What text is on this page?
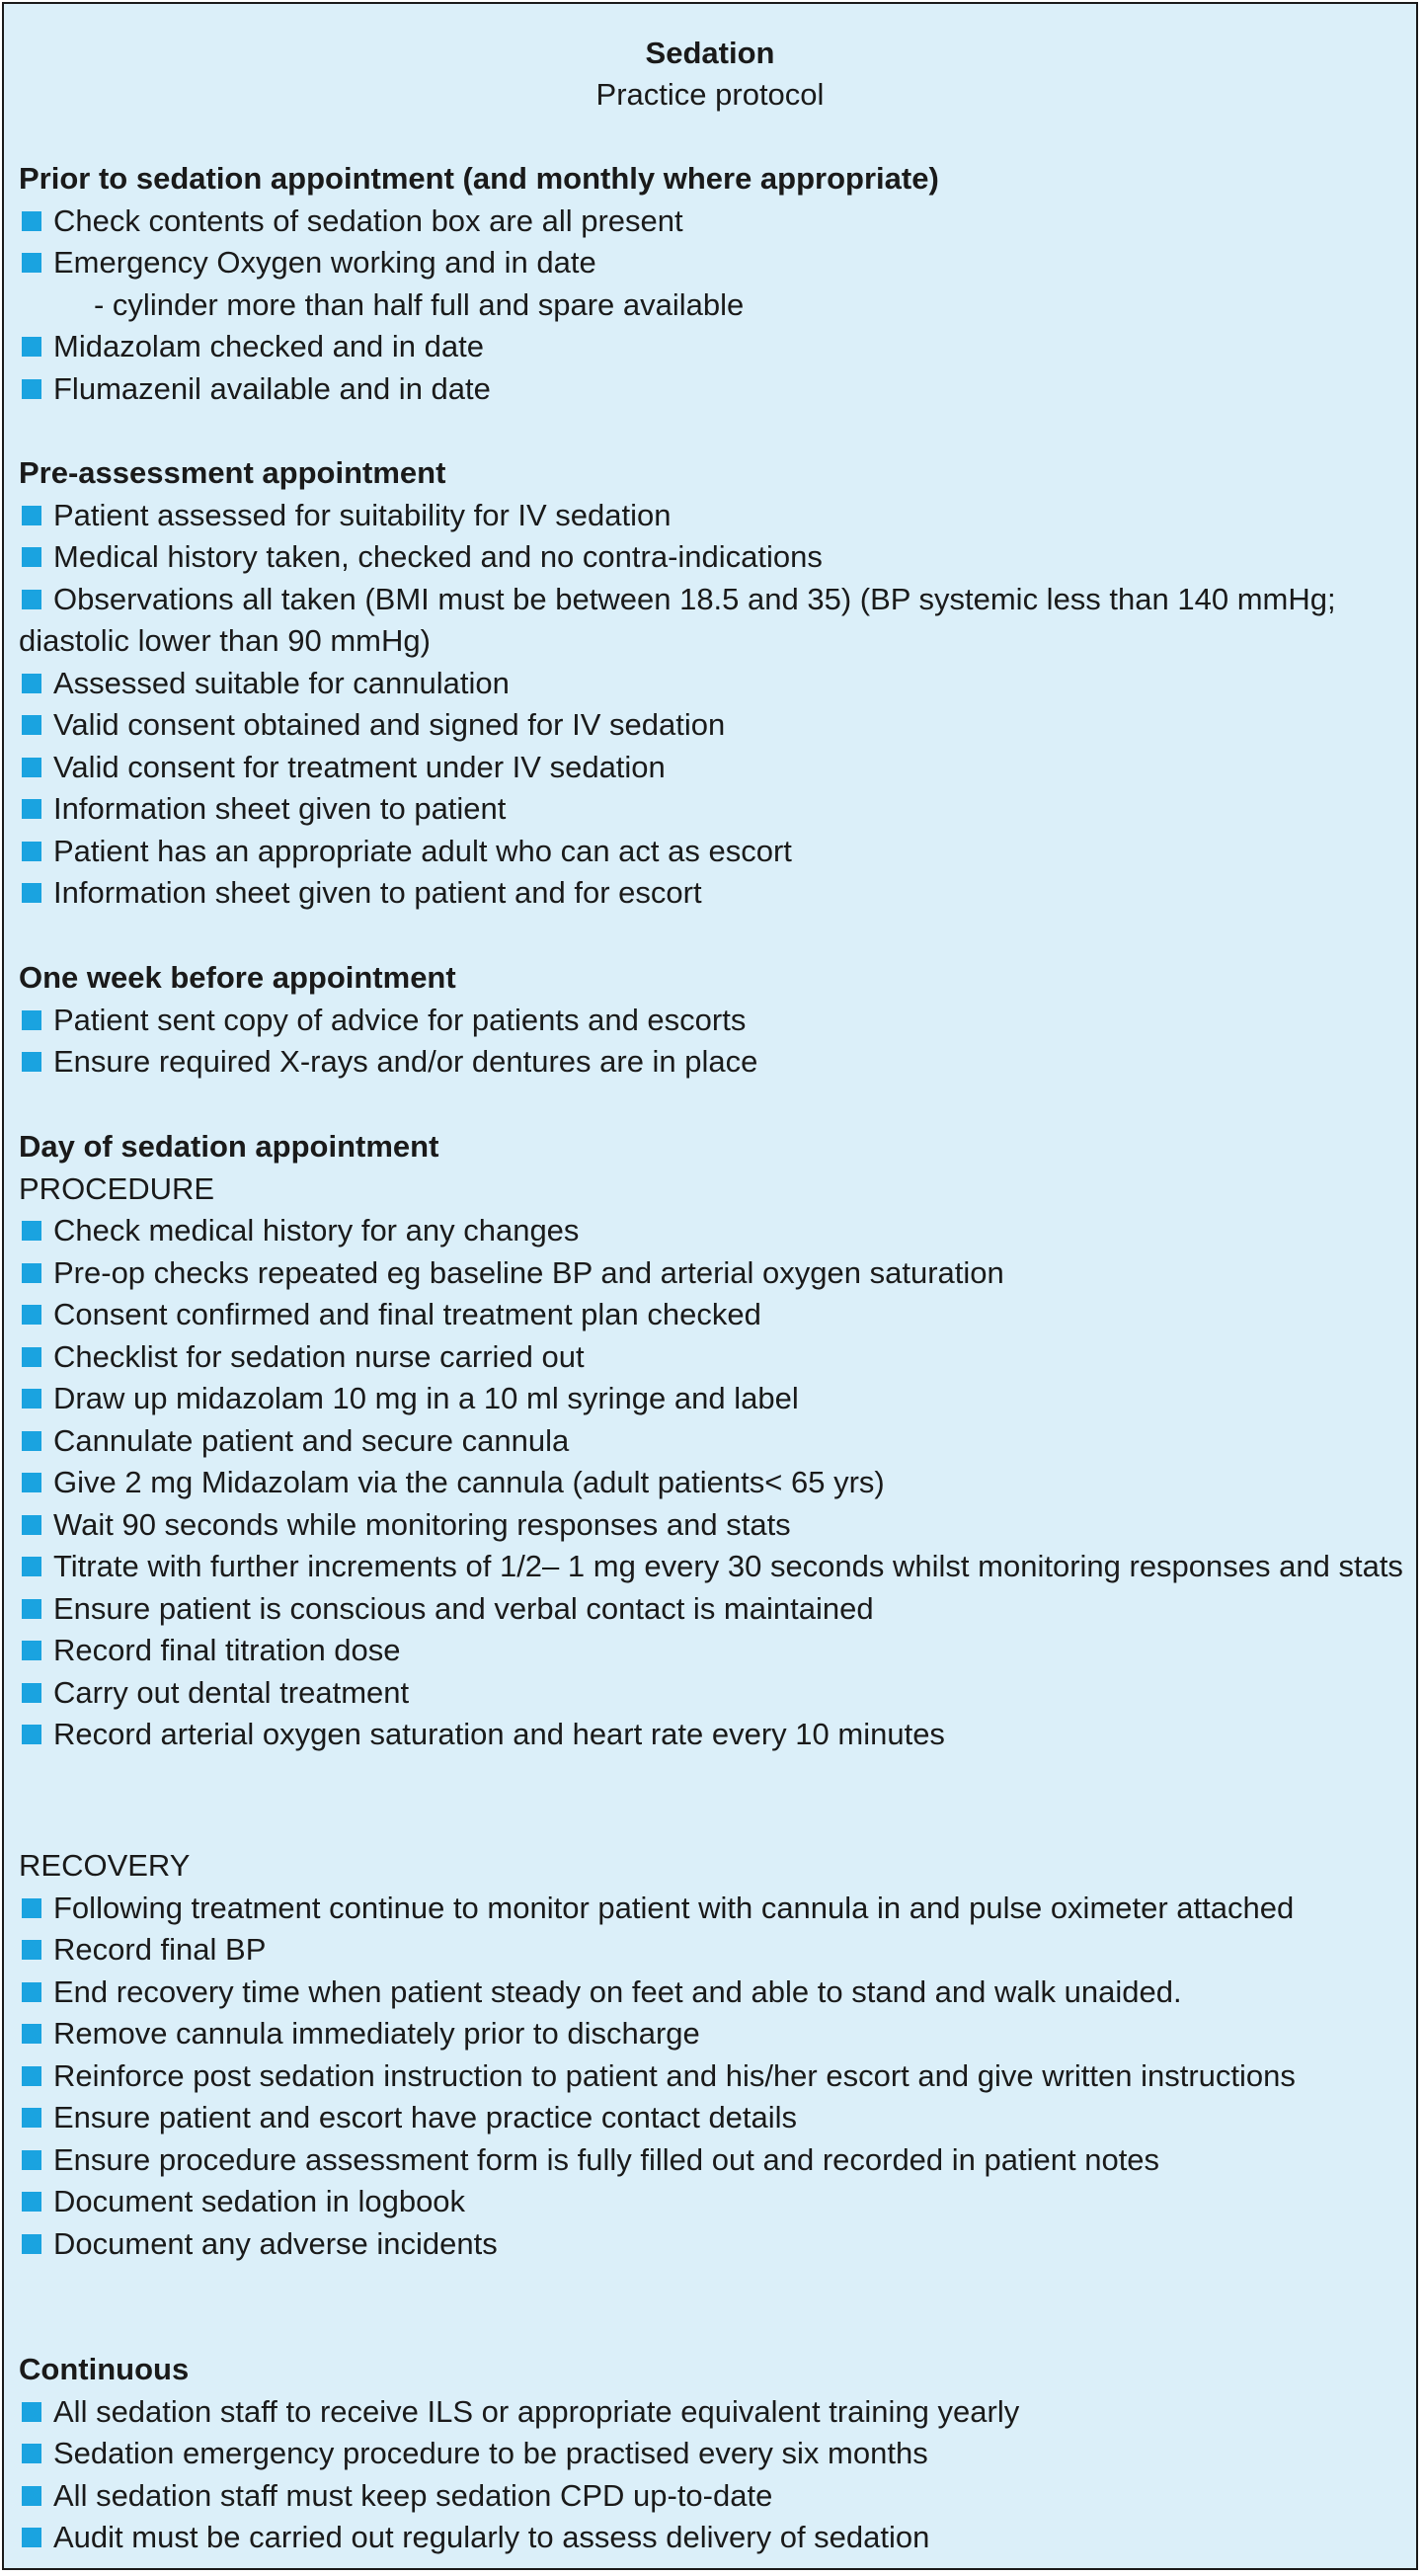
Sedation
Practice protocol
Prior to sedation appointment (and monthly where appropriate)
Check contents of sedation box are all present
Emergency Oxygen working and in date
- cylinder more than half full and spare available
Midazolam checked and in date
Flumazenil available and in date
Pre-assessment appointment
Patient assessed for suitability for IV sedation
Medical history taken, checked and no contra-indications
Observations all taken (BMI must be between 18.5 and 35) (BP systemic less than 140 mmHg; diastolic lower than 90 mmHg)
Assessed suitable for cannulation
Valid consent obtained and signed for IV sedation
Valid consent for treatment under IV sedation
Information sheet given to patient
Patient has an appropriate adult who can act as escort
Information sheet given to patient and for escort
One week before appointment
Patient sent copy of advice for patients and escorts
Ensure required X-rays and/or dentures are in place
Day of sedation appointment
PROCEDURE
Check medical history for any changes
Pre-op checks repeated eg baseline BP and arterial oxygen saturation
Consent confirmed and final treatment plan checked
Checklist for sedation nurse carried out
Draw up midazolam 10 mg in a 10 ml syringe and label
Cannulate patient and secure cannula
Give 2 mg Midazolam via the cannula (adult patients< 65 yrs)
Wait 90 seconds while monitoring responses and stats
Titrate with further increments of 1/2– 1 mg every 30 seconds whilst monitoring responses and stats
Ensure patient is conscious and verbal contact is maintained
Record final titration dose
Carry out dental treatment
Record arterial oxygen saturation and heart rate every 10 minutes
RECOVERY
Following treatment continue to monitor patient with cannula in and pulse oximeter attached
Record final BP
End recovery time when patient steady on feet and able to stand and walk unaided.
Remove cannula immediately prior to discharge
Reinforce post sedation instruction to patient and his/her escort and give written instructions
Ensure patient and escort have practice contact details
Ensure procedure assessment form is fully filled out and recorded in patient notes
Document sedation in logbook
Document any adverse incidents
Continuous
All sedation staff to receive ILS or appropriate equivalent training yearly
Sedation emergency procedure to be practised every six months
All sedation staff must keep sedation CPD up-to-date
Audit must be carried out regularly to assess delivery of sedation
